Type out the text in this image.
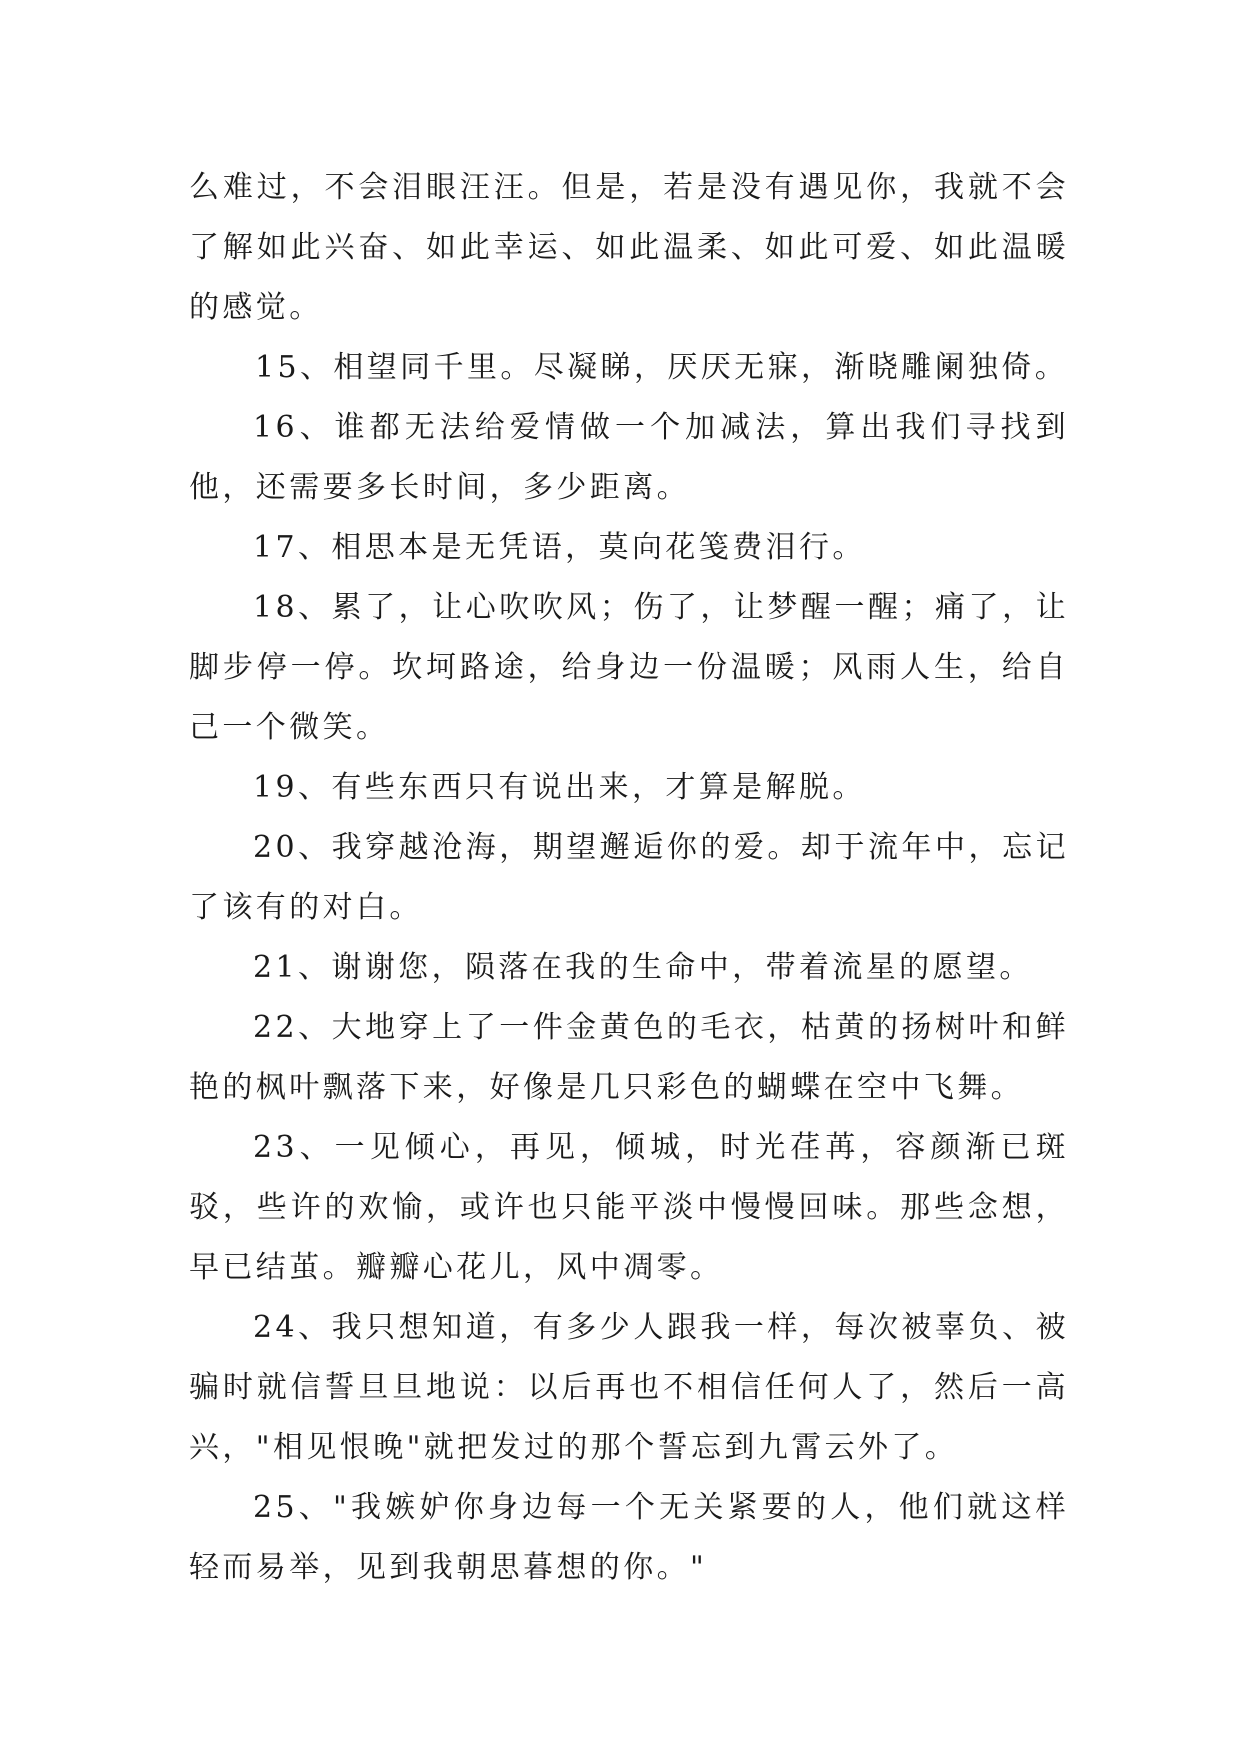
么难过，不会泪眼汪汪。但是，若是没有遇见你，我就不会了解如此兴奋、如此幸运、如此温柔、如此可爱、如此温暖的感觉。

15、相望同千里。尽凝睇，厌厌无寐，渐晓雕阑独倚。

16、谁都无法给爱情做一个加减法，算出我们寻找到他，还需要多长时间，多少距离。

17、相思本是无凭语，莫向花笺费泪行。

18、累了，让心吹吹风；伤了，让梦醒一醒；痛了，让脚步停一停。坎坷路途，给身边一份温暖；风雨人生，给自己一个微笑。

19、有些东西只有说出来，才算是解脱。

20、我穿越沧海，期望邂逅你的爱。却于流年中，忘记了该有的对白。

21、谢谢您，陨落在我的生命中，带着流星的愿望。

22、大地穿上了一件金黄色的毛衣，枯黄的扬树叶和鲜艳的枫叶飘落下来，好像是几只彩色的蝴蝶在空中飞舞。

23、一见倾心，再见，倾城，时光荏苒，容颜渐已斑驳，些许的欢愉，或许也只能平淡中慢慢回味。那些念想，早已结茧。瓣瓣心花儿，风中凋零。

24、我只想知道，有多少人跟我一样，每次被辜负、被骗时就信誓旦旦地说：以后再也不相信任何人了，然后一高兴，"相见恨晚"就把发过的那个誓忘到九霄云外了。

25、"我嫉妒你身边每一个无关紧要的人，他们就这样轻而易举，见到我朝思暮想的你。"
